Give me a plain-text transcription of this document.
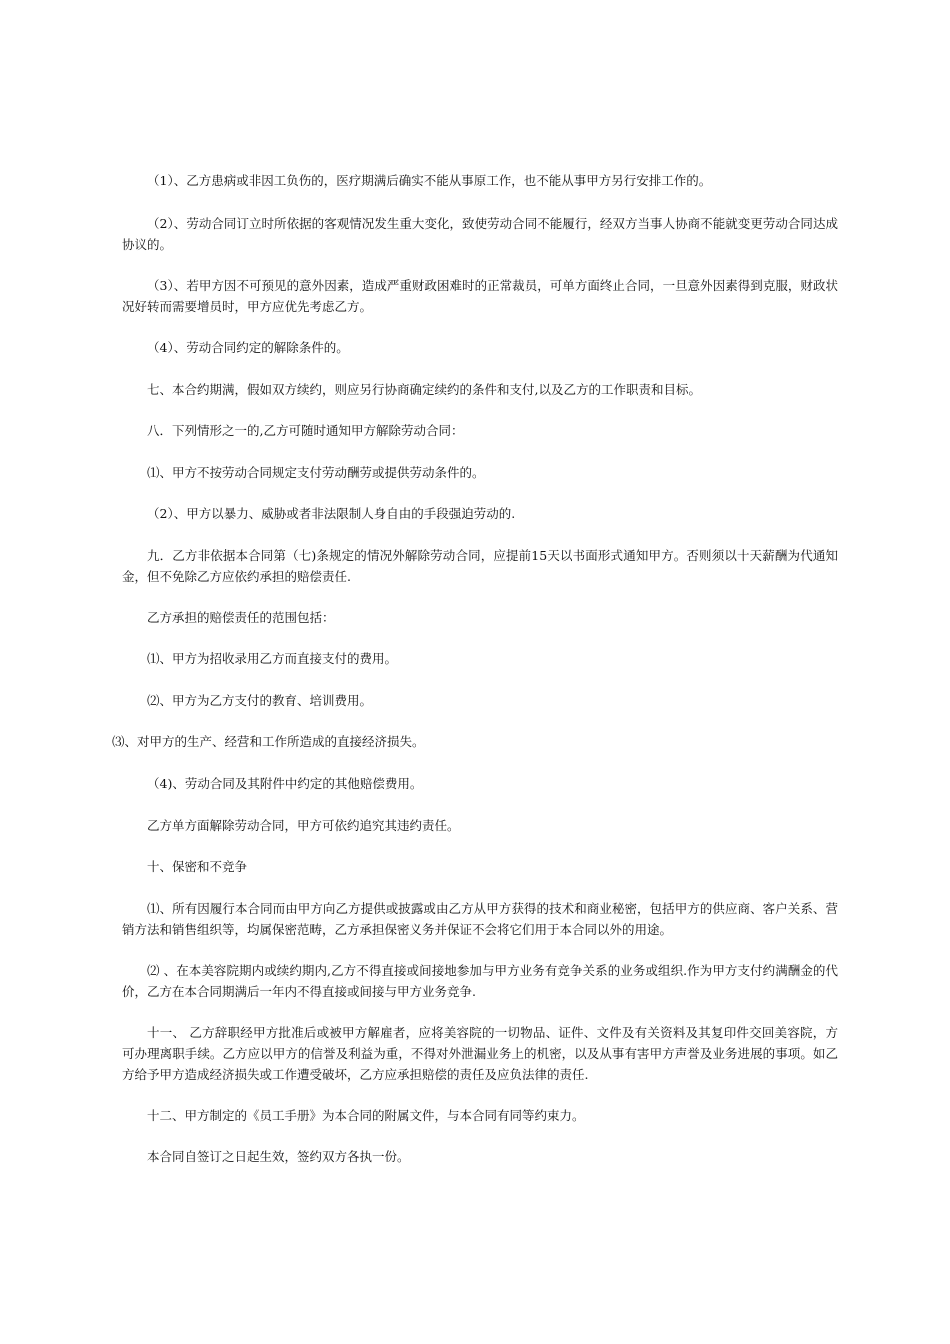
（1）、乙方患病或非因工负伤的，医疗期满后确实不能从事原工作，也不能从事甲方另行安排工作的。

（2）、劳动合同订立时所依据的客观情况发生重大变化，致使劳动合同不能履行，经双方当事人协商不能就变更劳动合同达成协议的。

（3）、若甲方因不可预见的意外因素，造成严重财政困难时的正常裁员，可单方面终止合同，一旦意外因素得到克服，财政状况好转而需要增员时，甲方应优先考虑乙方。

（4）、劳动合同约定的解除条件的。

七、本合约期满，假如双方续约，则应另行协商确定续约的条件和支付,以及乙方的工作职责和目标。

八．下列情形之一的,乙方可随时通知甲方解除劳动合同：

⑴、甲方不按劳动合同规定支付劳动酬劳或提供劳动条件的。

（2）、甲方以暴力、威胁或者非法限制人身自由的手段强迫劳动的.

九．乙方非依据本合同第（七)条规定的情况外解除劳动合同，应提前15天以书面形式通知甲方。否则须以十天薪酬为代通知金，但不免除乙方应依约承担的赔偿责任.

乙方承担的赔偿责任的范围包括：

⑴、甲方为招收录用乙方而直接支付的费用。

⑵、甲方为乙方支付的教育、培训费用。

⑶、对甲方的生产、经营和工作所造成的直接经济损失。

（4)、劳动合同及其附件中约定的其他赔偿费用。

乙方单方面解除劳动合同，甲方可依约追究其违约责任。

十、保密和不竞争

⑴、所有因履行本合同而由甲方向乙方提供或披露或由乙方从甲方获得的技术和商业秘密，包括甲方的供应商、客户关系、营销方法和销售组织等，均属保密范畴，乙方承担保密义务并保证不会将它们用于本合同以外的用途。

⑵ 、在本美容院期内或续约期内,乙方不得直接或间接地参加与甲方业务有竞争关系的业务或组织.作为甲方支付约满酬金的代价，乙方在本合同期满后一年内不得直接或间接与甲方业务竞争.

十一、 乙方辞职经甲方批准后或被甲方解雇者，应将美容院的一切物品、证件、文件及有关资料及其复印件交回美容院，方可办理离职手续。乙方应以甲方的信誉及利益为重，不得对外泄漏业务上的机密，以及从事有害甲方声誉及业务进展的事项。如乙方给予甲方造成经济损失或工作遭受破坏，乙方应承担赔偿的责任及应负法律的责任.

十二、甲方制定的《员工手册》为本合同的附属文件，与本合同有同等约束力。

本合同自签订之日起生效，签约双方各执一份。
